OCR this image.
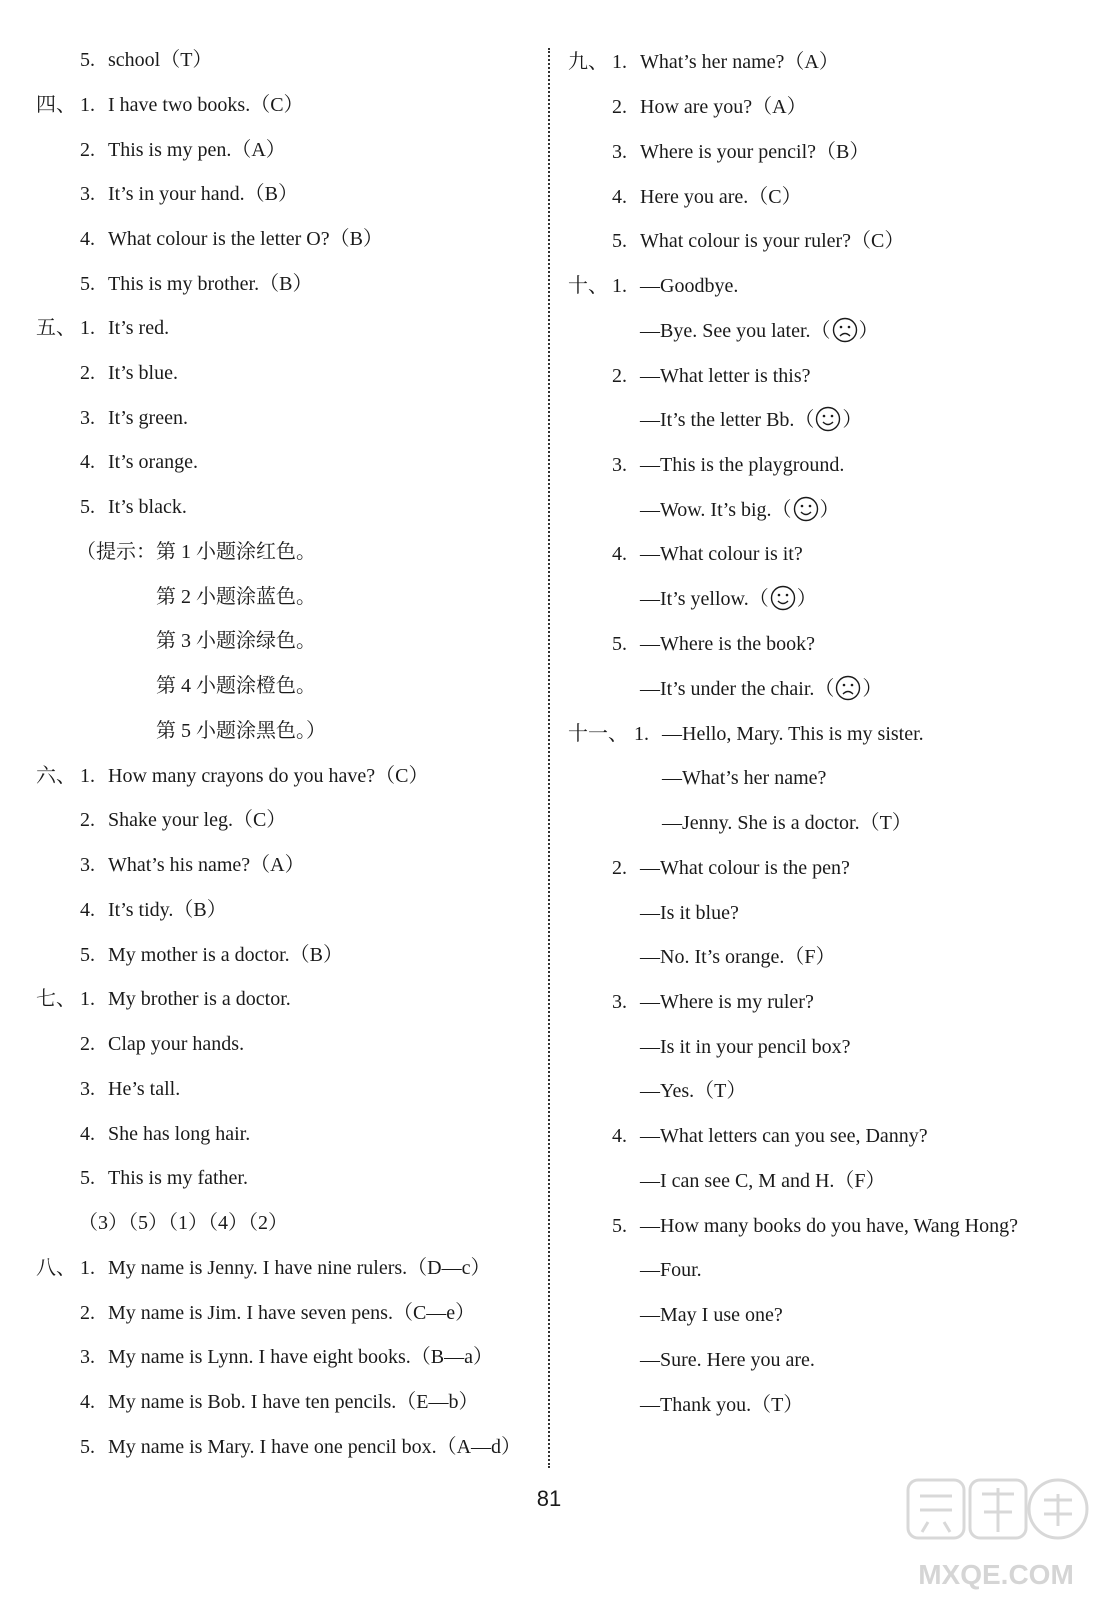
5. school（T）
四、 1. I have two books.（C）
2. This is my pen.（A）
3. It’s in your hand.（B）
4. What colour is the letter O?（B）
5. This is my brother.（B）
五、 1. It’s red.
2. It’s blue.
3. It’s green.
4. It’s orange.
5. It’s black.
（提示：第 1 小题涂红色。
第 2 小题涂蓝色。
第 3 小题涂绿色。
第 4 小题涂橙色。
第 5 小题涂黑色。）
六、 1. How many crayons do you have?（C）
2. Shake your leg.（C）
3. What’s his name?（A）
4. It’s tidy.（B）
5. My mother is a doctor.（B）
七、 1. My brother is a doctor.
2. Clap your hands.
3. He’s tall.
4. She has long hair.
5. This is my father.
（3）（5）（1）（4）（2）
八、 1. My name is Jenny. I have nine rulers.（D—c）
2. My name is Jim. I have seven pens.（C—e）
3. My name is Lynn. I have eight books.（B—a）
4. My name is Bob. I have ten pencils.（E—b）
5. My name is Mary. I have one pencil box.（A—d）
九、 1. What’s her name?（A）
2. How are you?（A）
3. Where is your pencil?（B）
4. Here you are.（C）
5. What colour is your ruler?（C）
十、 1. —Goodbye.
—Bye. See you later.（ ）
2. —What letter is this?
—It’s the letter Bb.（ ）
3. —This is the playground.
—Wow. It’s big.（ ）
4. —What colour is it?
—It’s yellow.（ ）
5. —Where is the book?
—It’s under the chair.（ ）
十一、 1. —Hello, Mary. This is my sister.
—What’s her name?
—Jenny. She is a doctor.（T）
2. —What colour is the pen?
—Is it blue?
—No. It’s orange.（F）
3. —Where is my ruler?
—Is it in your pencil box?
—Yes.（T）
4. —What letters can you see, Danny?
—I can see C, M and H.（F）
5. —How many books do you have, Wang Hong?
—Four.
—May I use one?
—Sure. Here you are.
—Thank you.（T）
81
MXQE.COM
